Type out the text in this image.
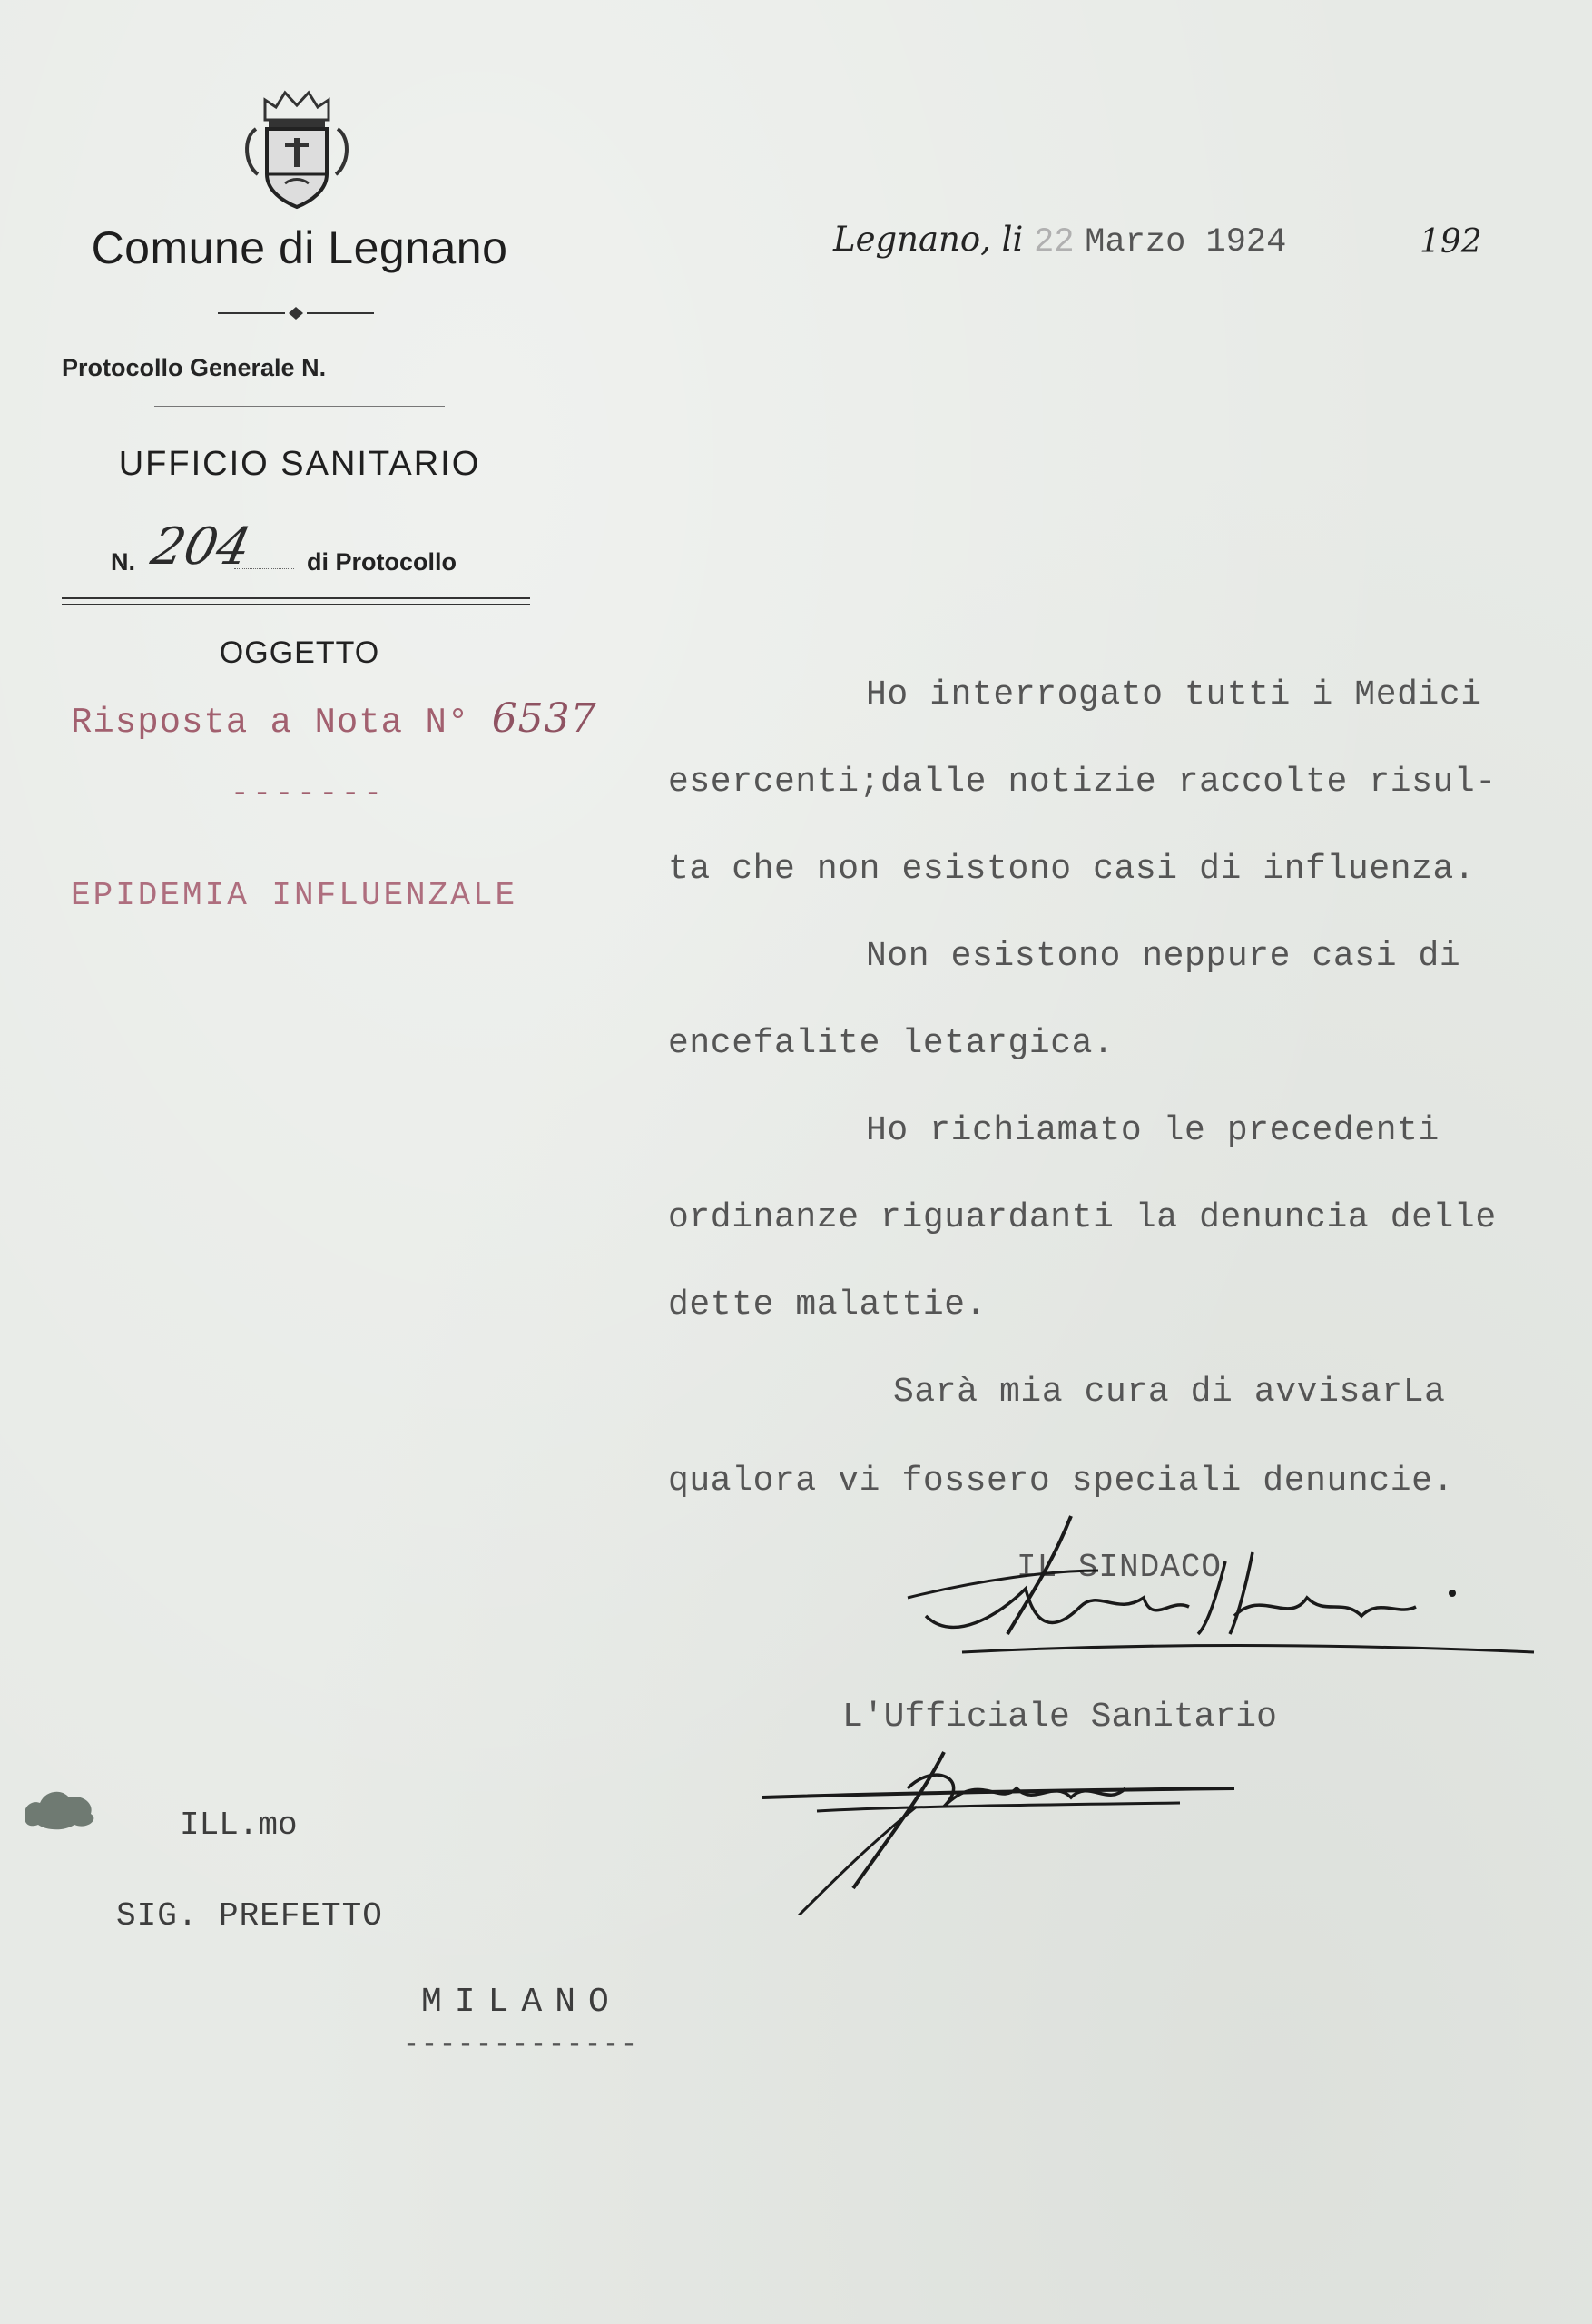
Comune di Legnano
Protocollo Generale N.
UFFICIO SANITARIO
N. 204 di Protocollo
OGGETTO
Risposta a Nota N° 6537
-------
EPIDEMIA INFLUENZALE
Legnano, li 22 Marzo 1924	192
Ho interrogato tutti i Medici
esercenti;dalle notizie raccolte risul-
ta che non esistono casi di influenza.
Non esistono neppure casi di
encefalite letargica.
Ho richiamato le precedenti
ordinanze riguardanti la denuncia delle
dette malattie.
Sarà mia cura di avvisarLa
qualora vi fossero speciali denuncie.
IL SINDACO
L'Ufficiale Sanitario
ILL.mo
SIG. PREFETTO
MILANO
-------------
